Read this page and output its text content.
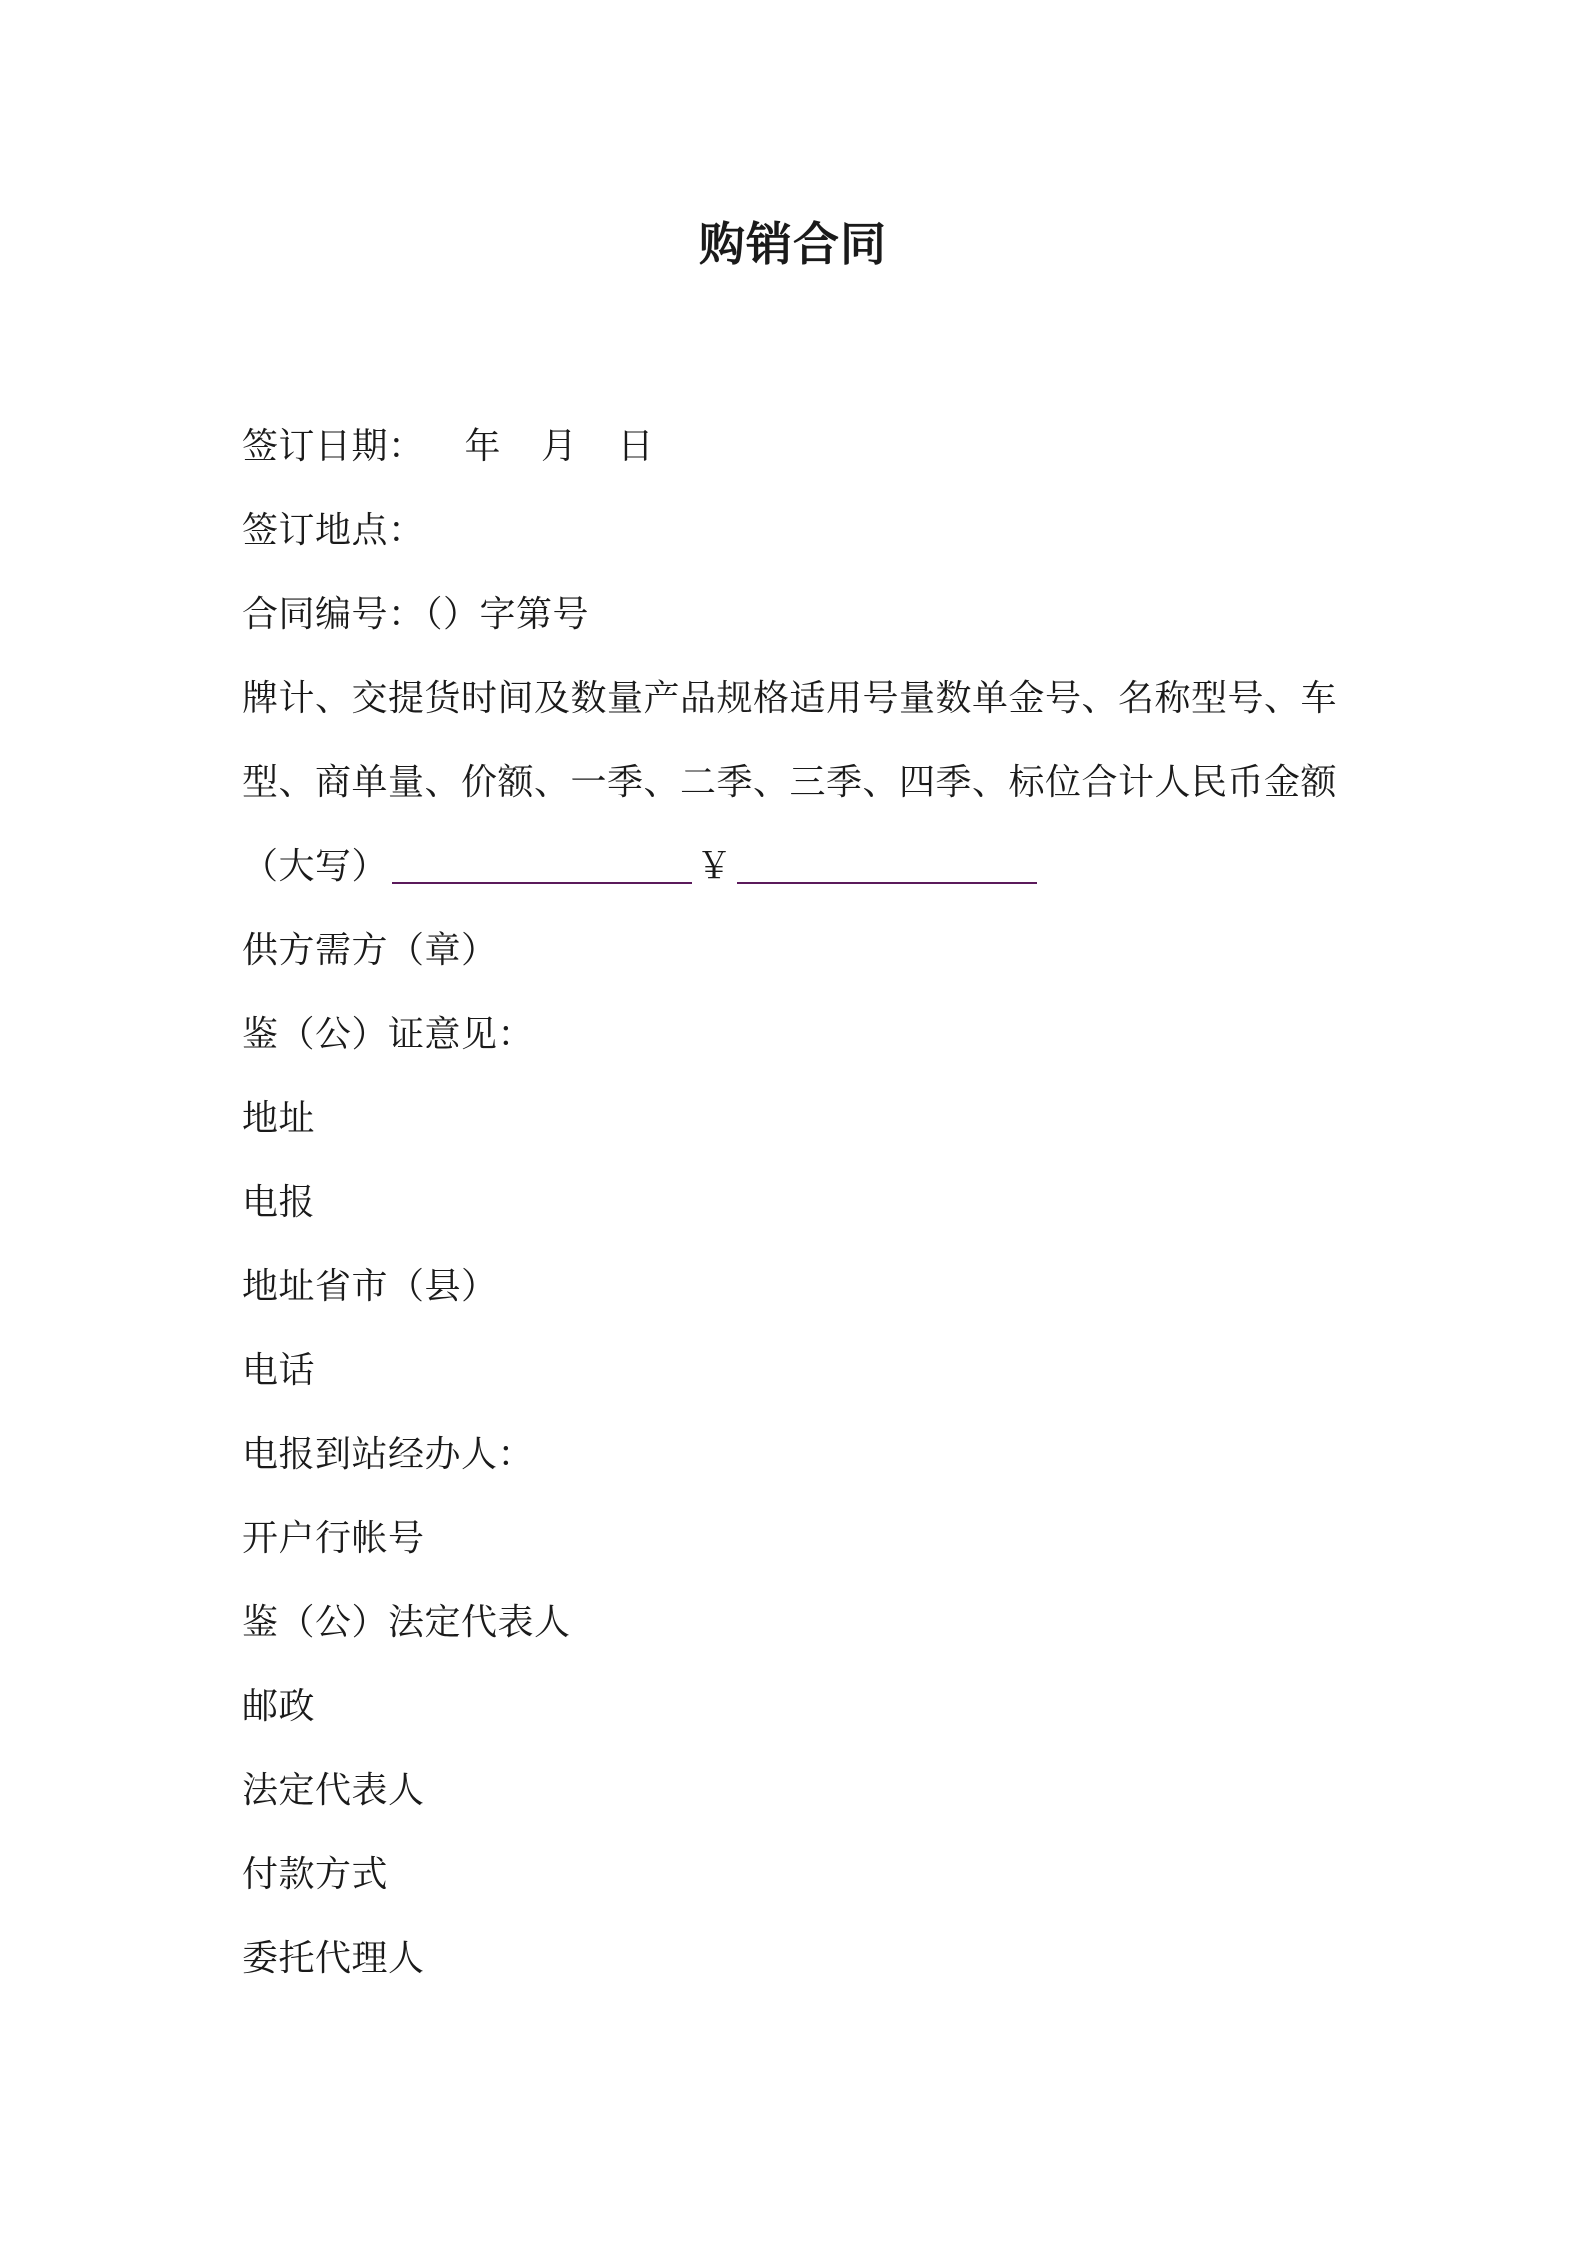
购销合同
签订日期： 年 月 日
签订地点：
合同编号：（）字第号
牌计、交提货时间及数量产品规格适用号量数单金号、名称型号、车
型、商单量、价额、一季、二季、三季、四季、标位合计人民币金额
（大写）	￥
供方需方（章）
鉴（公）证意见：
地址
电报
地址省市（县）
电话
电报到站经办人：
开户行帐号
鉴（公）法定代表人
邮政
法定代表人
付款方式
委托代理人
